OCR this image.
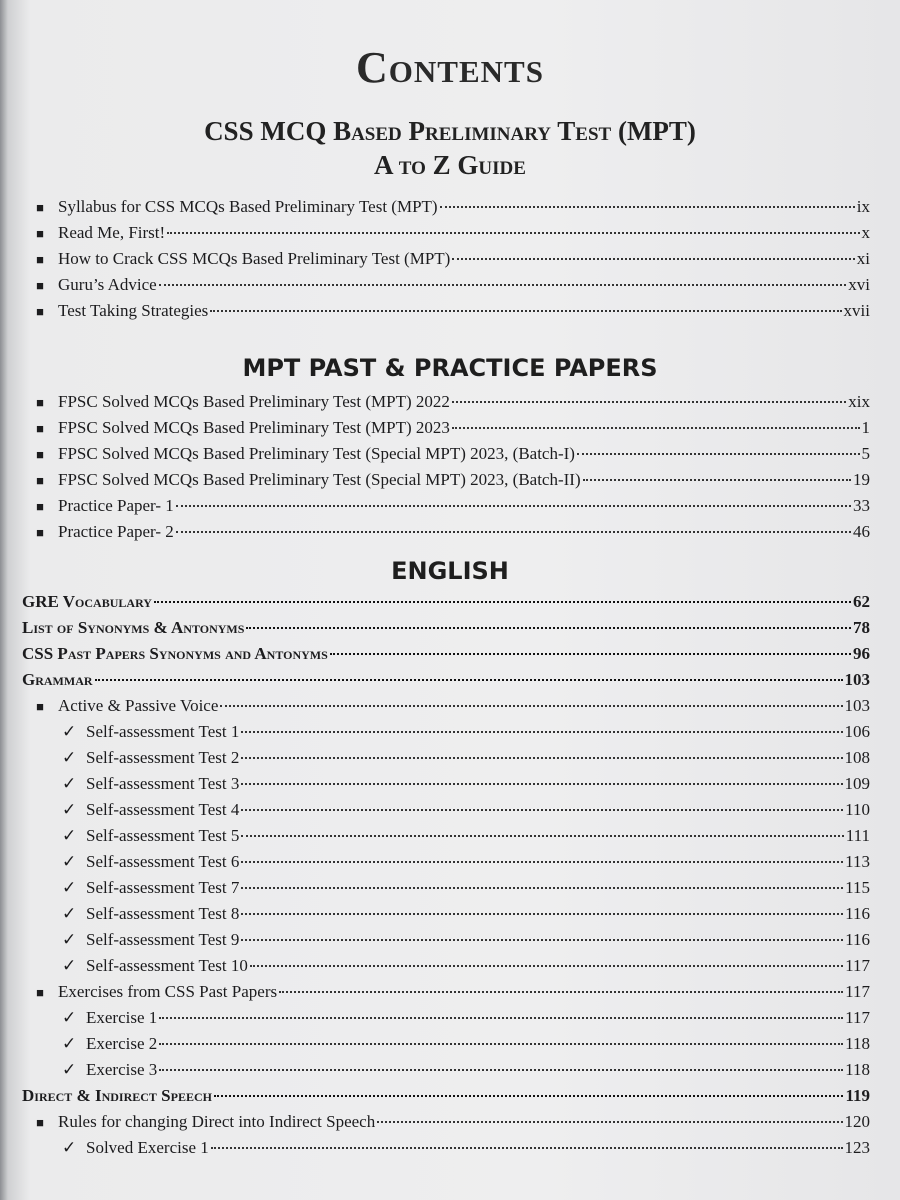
Contents
CSS MCQ Based Preliminary Test (MPT)
A to Z Guide
■ Syllabus for CSS MCQs Based Preliminary Test (MPT)	ix
■ Read Me, First!	x
■ How to Crack CSS MCQs Based Preliminary Test (MPT)	xi
■ Guru’s Advice	xvi
■ Test Taking Strategies	xvii
MPT PAST & PRACTICE PAPERS
■ FPSC Solved MCQs Based Preliminary Test (MPT) 2022	xix
■ FPSC Solved MCQs Based Preliminary Test (MPT) 2023	1
■ FPSC Solved MCQs Based Preliminary Test (Special MPT) 2023, (Batch-I)	5
■ FPSC Solved MCQs Based Preliminary Test (Special MPT) 2023, (Batch-II)	19
■ Practice Paper- 1	33
■ Practice Paper- 2	46
ENGLISH
GRE Vocabulary	62
List of Synonyms & Antonyms	78
CSS Past Papers Synonyms and Antonyms	96
Grammar	103
■ Active & Passive Voice	103
✓ Self-assessment Test 1	106
✓ Self-assessment Test 2	108
✓ Self-assessment Test 3	109
✓ Self-assessment Test 4	110
✓ Self-assessment Test 5	111
✓ Self-assessment Test 6	113
✓ Self-assessment Test 7	115
✓ Self-assessment Test 8	116
✓ Self-assessment Test 9	116
✓ Self-assessment Test 10	117
■ Exercises from CSS Past Papers	117
✓ Exercise 1	117
✓ Exercise 2	118
✓ Exercise 3	118
Direct & Indirect Speech	119
■ Rules for changing Direct into Indirect Speech	120
✓ Solved Exercise 1	123
